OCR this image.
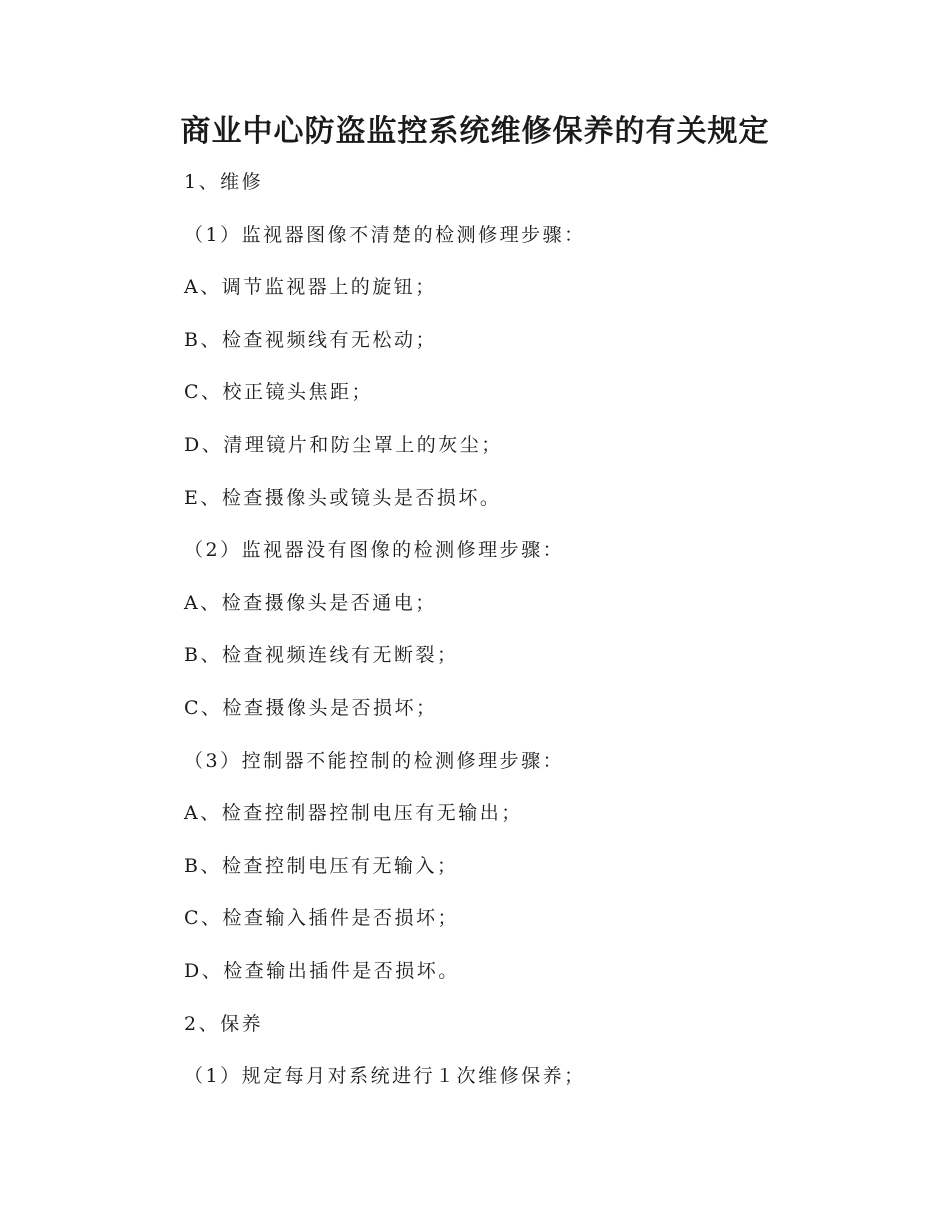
商业中心防盗监控系统维修保养的有关规定
1、维修
（1）监视器图像不清楚的检测修理步骤：
A、调节监视器上的旋钮；
B、检查视频线有无松动；
C、校正镜头焦距；
D、清理镜片和防尘罩上的灰尘；
E、检查摄像头或镜头是否损坏。
（2）监视器没有图像的检测修理步骤：
A、检查摄像头是否通电；
B、检查视频连线有无断裂；
C、检查摄像头是否损坏；
（3）控制器不能控制的检测修理步骤：
A、检查控制器控制电压有无输出；
B、检查控制电压有无输入；
C、检查输入插件是否损坏；
D、检查输出插件是否损坏。
2、保养
（1）规定每月对系统进行１次维修保养；
